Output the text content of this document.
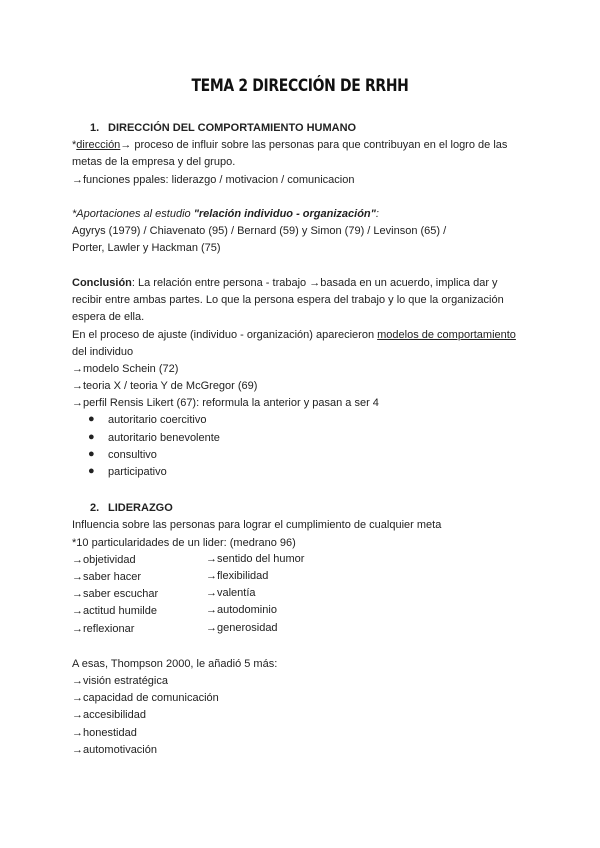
TEMA 2 DIRECCIÓN DE RRHH
1. DIRECCIÓN DEL COMPORTAMIENTO HUMANO
*dirección→ proceso de influir sobre las personas para que contribuyan en el logro de las
metas de la empresa y del grupo.
→funciones ppales: liderazgo / motivacion / comunicacion
*Aportaciones al estudio "relación individuo - organización":
Agyrys (1979) / Chiavenato (95) / Bernard (59) y Simon (79) / Levinson (65) /
Porter, Lawler y Hackman (75)
Conclusión: La relación entre persona - trabajo →basada en un acuerdo, implica dar y
recibir entre ambas partes. Lo que la persona espera del trabajo y lo que la organización
espera de ella.
En el proceso de ajuste (individuo - organización) aparecieron modelos de comportamiento
del individuo
→modelo Schein (72)
→teoria X / teoria Y de McGregor (69)
→perfil Rensis Likert (67): reformula la anterior y pasan a ser 4
● autoritario coercitivo
● autoritario benevolente
● consultivo
● participativo
2. LIDERAZGO
Influencia sobre las personas para lograr el cumplimiento de cualquier meta
*10 particularidades de un lider: (medrano 96)
→objetividad	→sentido del humor
→saber hacer	→flexibilidad
→saber escuchar	→valentía
→actitud humilde	→autodominio
→reflexionar	→generosidad
A esas, Thompson 2000, le añadió 5 más:
→visión estratégica
→capacidad de comunicación
→accesibilidad
→honestidad
→automotivación
